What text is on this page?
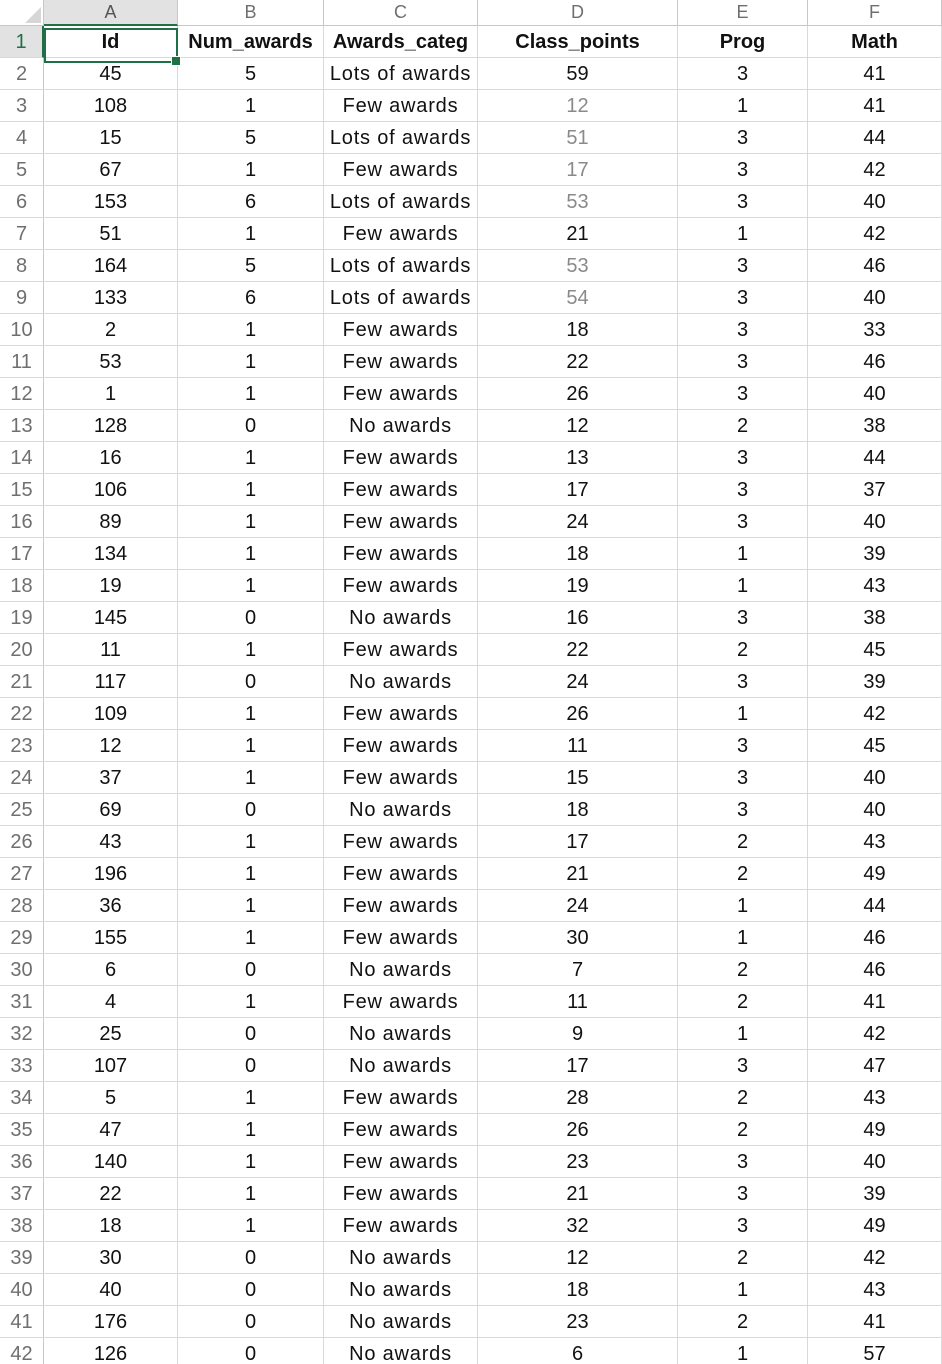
A	B	C	D	E	F
1	Id	Num_awards	Awards_categ	Class_points	Prog	Math
2	45	5	Lots of awards	59	3	41
3	108	1	Few awards	12	1	41
4	15	5	Lots of awards	51	3	44
5	67	1	Few awards	17	3	42
6	153	6	Lots of awards	53	3	40
7	51	1	Few awards	21	1	42
8	164	5	Lots of awards	53	3	46
9	133	6	Lots of awards	54	3	40
10	2	1	Few awards	18	3	33
11	53	1	Few awards	22	3	46
12	1	1	Few awards	26	3	40
13	128	0	No awards	12	2	38
14	16	1	Few awards	13	3	44
15	106	1	Few awards	17	3	37
16	89	1	Few awards	24	3	40
17	134	1	Few awards	18	1	39
18	19	1	Few awards	19	1	43
19	145	0	No awards	16	3	38
20	11	1	Few awards	22	2	45
21	117	0	No awards	24	3	39
22	109	1	Few awards	26	1	42
23	12	1	Few awards	11	3	45
24	37	1	Few awards	15	3	40
25	69	0	No awards	18	3	40
26	43	1	Few awards	17	2	43
27	196	1	Few awards	21	2	49
28	36	1	Few awards	24	1	44
29	155	1	Few awards	30	1	46
30	6	0	No awards	7	2	46
31	4	1	Few awards	11	2	41
32	25	0	No awards	9	1	42
33	107	0	No awards	17	3	47
34	5	1	Few awards	28	2	43
35	47	1	Few awards	26	2	49
36	140	1	Few awards	23	3	40
37	22	1	Few awards	21	3	39
38	18	1	Few awards	32	3	49
39	30	0	No awards	12	2	42
40	40	0	No awards	18	1	43
41	176	0	No awards	23	2	41
42	126	0	No awards	6	1	57
